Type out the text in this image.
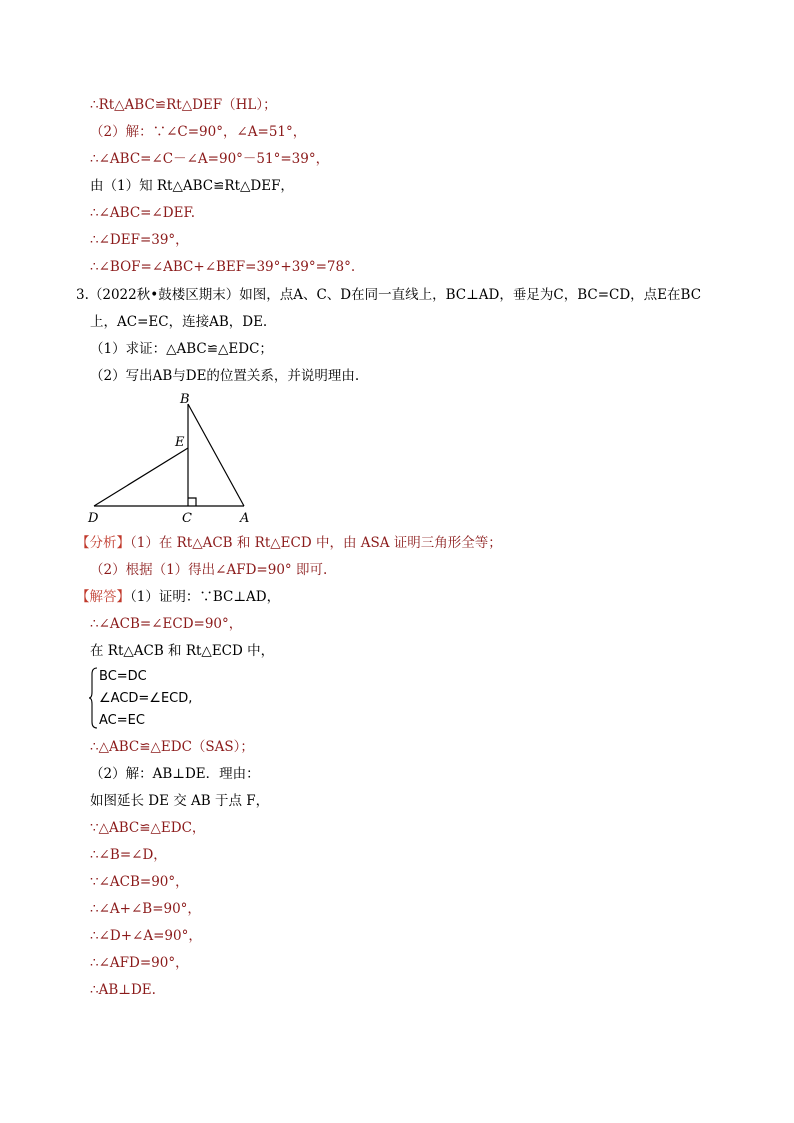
∴Rt△ABC≌Rt△DEF（HL）；
（2）解：∵∠C=90°，∠A=51°，
∴∠ABC=∠C－∠A=90°－51°=39°，
由（1）知 Rt△ABC≌Rt△DEF，
∴∠ABC=∠DEF.
∴∠DEF=39°，
∴∠BOF=∠ABC+∠BEF=39°+39°=78°.
3.（2022秋•鼓楼区期末）如图，点A、C、D在同一直线上，BC⊥AD，垂足为C，BC=CD，点E在BC
上，AC=EC，连接AB，DE.
（1）求证：△ABC≌△EDC；
（2）写出AB与DE的位置关系，并说明理由.
B
E
D	C	A
【分析】（1）在 Rt△ACB 和 Rt△ECD 中，由 ASA 证明三角形全等；
（2）根据（1）得出∠AFD=90° 即可.
【解答】（1）证明：∵BC⊥AD，
∴∠ACB=∠ECD=90°，
在 Rt△ACB 和 Rt△ECD 中，
BC=DC
∠ACD=∠ECD,
AC=EC
∴△ABC≌△EDC（SAS）；
（2）解：AB⊥DE．理由：
如图延长 DE 交 AB 于点 F，
∵△ABC≌△EDC，
∴∠B=∠D，
∵∠ACB=90°，
∴∠A+∠B=90°，
∴∠D+∠A=90°，
∴∠AFD=90°，
∴AB⊥DE.
